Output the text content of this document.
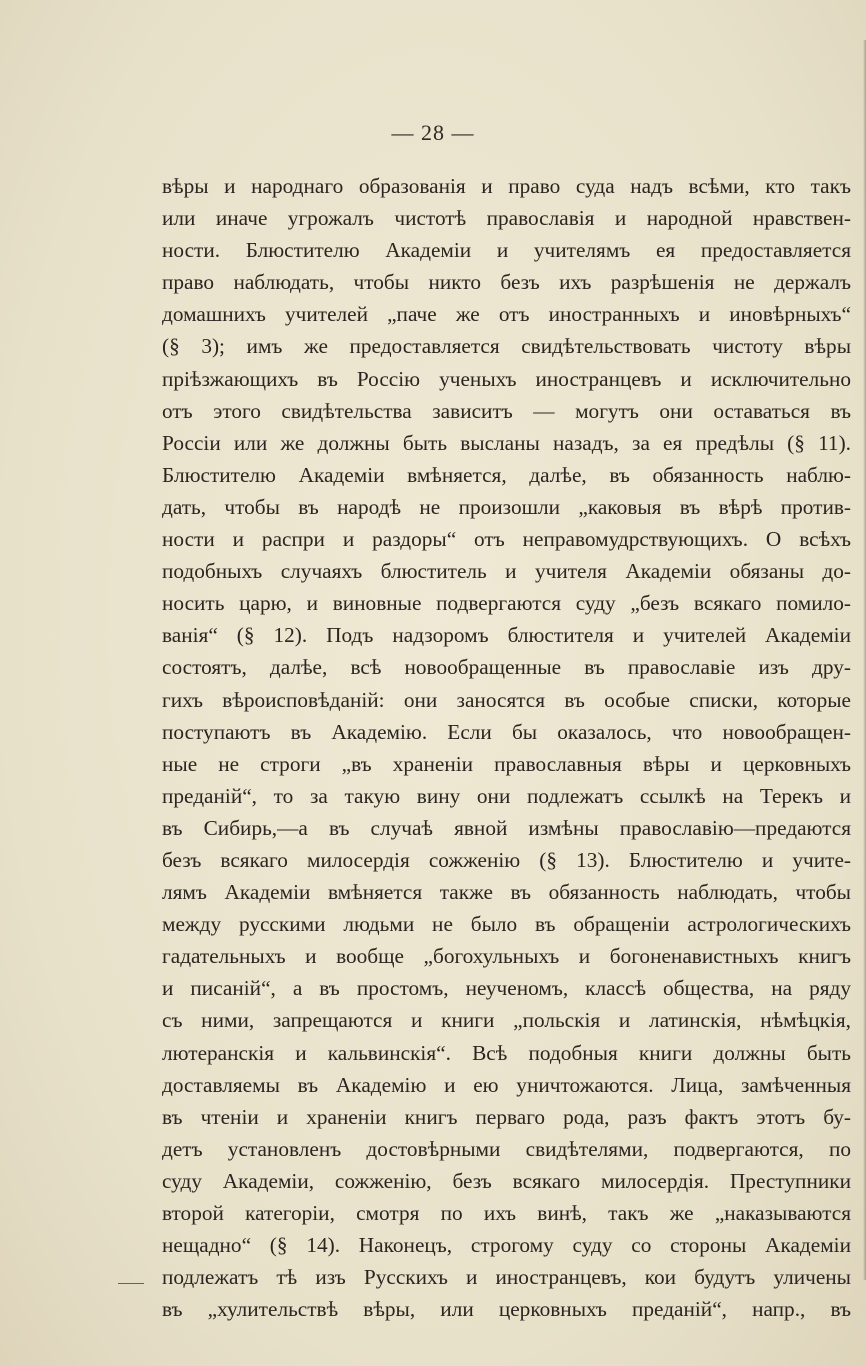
— 28 —
вѣры и народнаго образованія и право суда надъ всѣми, кто такъ
или иначе угрожалъ чистотѣ православія и народной нравствен-
ности. Блюстителю Академіи и учителямъ ея предоставляется
право наблюдать, чтобы никто безъ ихъ разрѣшенія не держалъ
домашнихъ учителей „паче же отъ иностранныхъ и иновѣрныхъ“
(§ 3); имъ же предоставляется свидѣтельствовать чистоту вѣры
пріѣзжающихъ въ Россію ученыхъ иностранцевъ и исключительно
отъ этого свидѣтельства зависитъ — могутъ они оставаться въ
Россіи или же должны быть высланы назадъ, за ея предѣлы (§ 11).
Блюстителю Академіи вмѣняется, далѣе, въ обязанность наблю-
дать, чтобы въ народѣ не произошли „каковыя въ вѣрѣ против-
ности и распри и раздоры“ отъ неправомудрствующихъ. О всѣхъ
подобныхъ случаяхъ блюститель и учителя Академіи обязаны до-
носить царю, и виновные подвергаются суду „безъ всякаго помило-
ванія“ (§ 12). Подъ надзоромъ блюстителя и учителей Академіи
состоятъ, далѣе, всѣ новообращенные въ православіе изъ дру-
гихъ вѣроисповѣданій: они заносятся въ особые списки, которые
поступаютъ въ Академію. Если бы оказалось, что новообращен-
ные не строги „въ храненіи православныя вѣры и церковныхъ
преданій“, то за такую вину они подлежатъ ссылкѣ на Терекъ и
въ Сибирь,—а въ случаѣ явной измѣны православію—предаются
безъ всякаго милосердія сожженію (§ 13). Блюстителю и учите-
лямъ Академіи вмѣняется также въ обязанность наблюдать, чтобы
между русскими людьми не было въ обращеніи астрологическихъ
гадательныхъ и вообще „богохульныхъ и богоненавистныхъ книгъ
и писаній“, а въ простомъ, неученомъ, классѣ общества, на ряду
съ ними, запрещаются и книги „польскія и латинскія, нѣмѣцкія,
лютеранскія и кальвинскія“. Всѣ подобныя книги должны быть
доставляемы въ Академію и ею уничтожаются. Лица, замѣченныя
въ чтеніи и храненіи книгъ перваго рода, разъ фактъ этотъ бу-
детъ установленъ достовѣрными свидѣтелями, подвергаются, по
суду Академіи, сожженію, безъ всякаго милосердія. Преступники
второй категоріи, смотря по ихъ винѣ, такъ же „наказываются
нещадно“ (§ 14). Наконецъ, строгому суду со стороны Академіи
подлежатъ тѣ изъ Русскихъ и иностранцевъ, кои будутъ уличены
въ „хулительствѣ вѣры, или церковныхъ преданій“, напр., въ
